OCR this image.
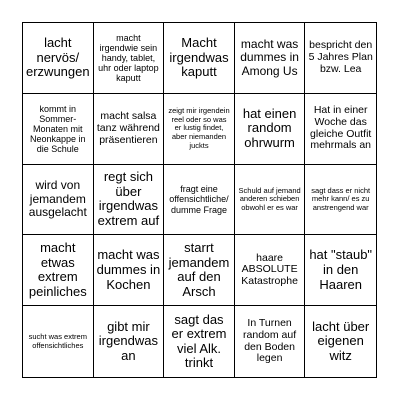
lacht nervös/ erzwungen
macht irgendwie sein handy, tablet, uhr oder laptop kaputt
Macht irgendwas kaputt
macht was dummes in Among Us
bespricht den 5 Jahres Plan bzw. Lea
kommt in Sommer-Monaten mit Neonkappe in die Schule
macht salsa tanz während präsentieren
zeigt mir irgendein reel oder so was er lustig findet, aber niemanden juckts
hat einen random ohrwurm
Hat in einer Woche das gleiche Outfit mehrmals an
wird von jemandem ausgelacht
regt sich über irgendwas extrem auf
fragt eine offensichtliche/ dumme Frage
Schuld auf jemand anderen schieben obwohl er es war
sagt dass er nicht mehr kann/ es zu anstrengend war
macht etwas extrem peinliches
macht was dummes in Kochen
starrt jemandem auf den Arsch
haare ABSOLUTE Katastrophe
hat "staub" in den Haaren
sucht was extrem offensichtliches
gibt mir irgendwas an
sagt das er extrem viel Alk. trinkt
In Turnen random auf den Boden legen
lacht über eigenen witz
